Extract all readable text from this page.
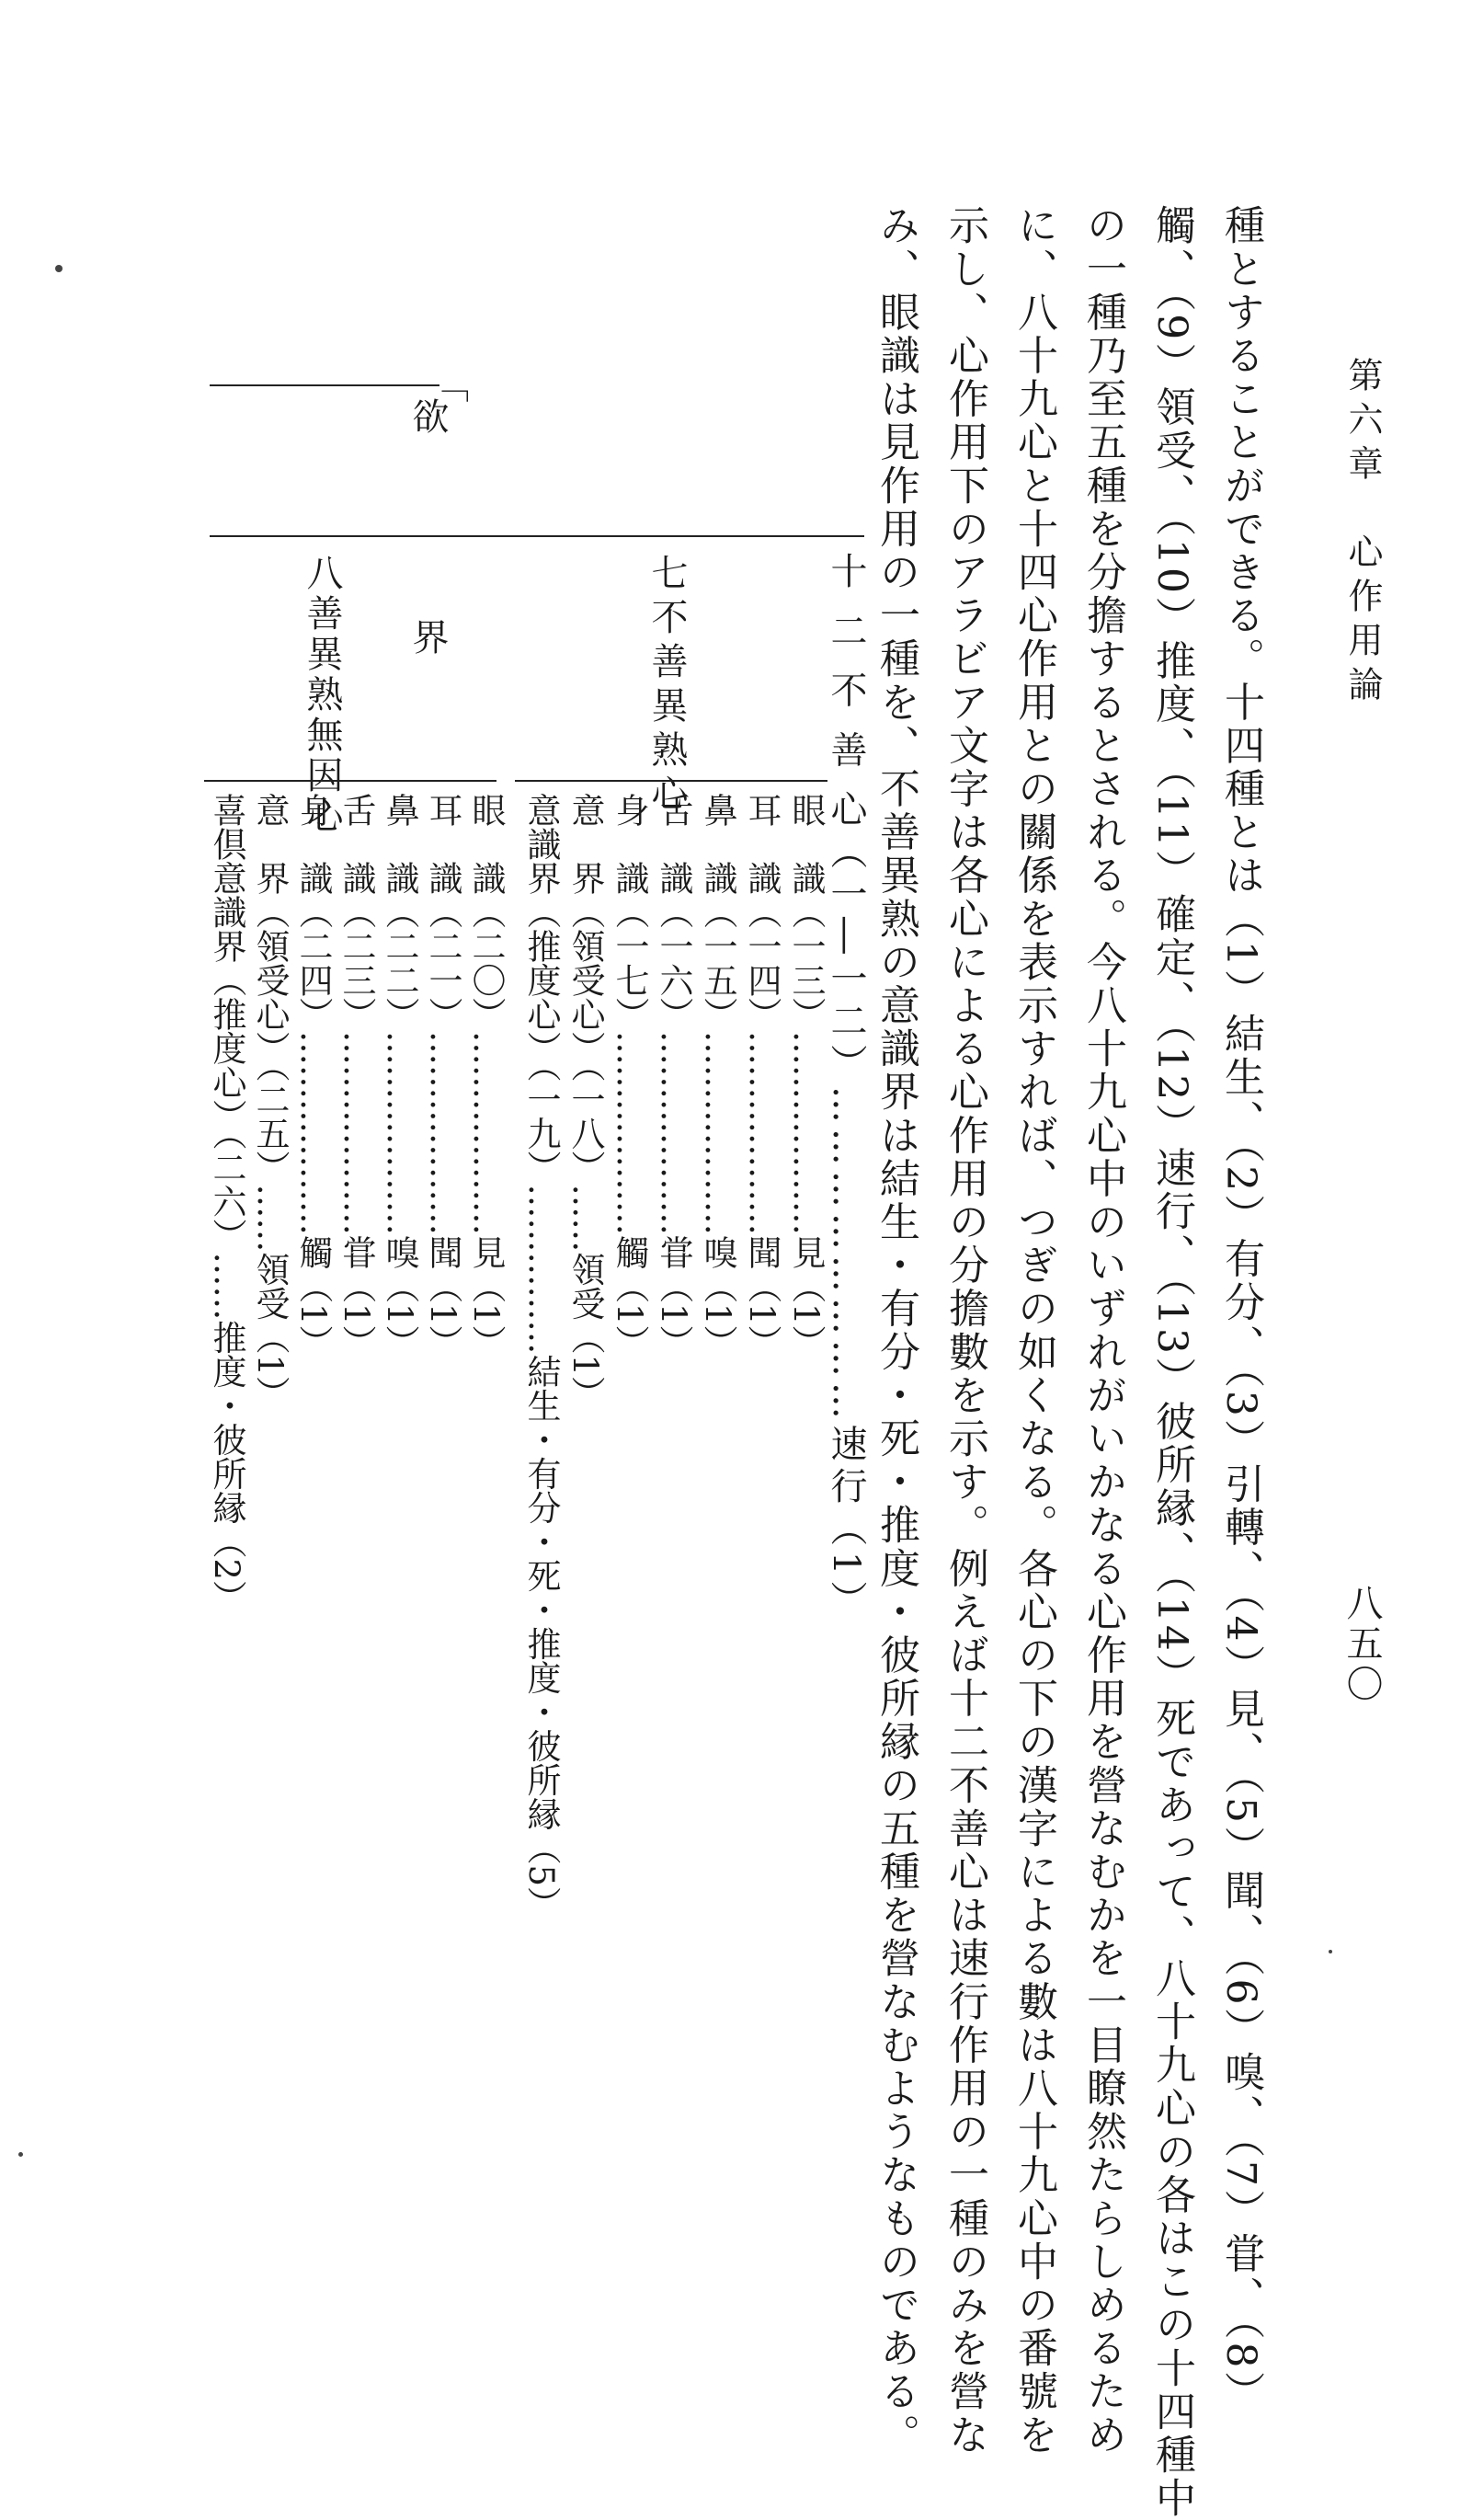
第六章　心作用論
八五〇
種とすることができる。十四種とは（1）結生、（2）有分、（3）引轉、（4）見、（5）聞、（6）嗅、（7）甞、（8）
觸、（9）領受、（10）推度、（11）確定、（12）速行、（13）彼所縁、（14）死であって、八十九心の各はこの十四種中
の一種乃至五種を分擔するとされる。今八十九心中のいずれがいかなる心作用を營なむかを一目瞭然たらしめるため
に、八十九心と十四心作用との關係を表示すれば、つぎの如くなる。各心の下の漢字による數は八十九心中の番號を
示し、心作用下のアラビア文字は各心による心作用の分擔數を示す。例えば十二不善心は速行作用の一種のみを營な
み、眼識は見作用の一種を、不善異熟の意識界は結生・有分・死・推度・彼所縁の五種を營なむようなものである。
﹁
欲　　　　界
十 二 不 善 心（一―一二）……………………速行（1）
七不善異熟心
眼　識（一三）………………見（1）
耳　識（一四）………………聞（1）
鼻　識（一五）………………嗅（1）
舌　識（一六）………………甞（1）
身　識（一七）………………觸（1）
意　界（領受心）（一八）……領受（1）
意識界（推度心）（一九）……………結生・有分・死・推度・彼所縁（5）
八善異熟無因心
眼　識（二〇）………………見（1）
耳　識（二一）………………聞（1）
鼻　識（二二）………………嗅（1）
舌　識（二三）………………甞（1）
身　識（二四）………………觸（1）
意　界（領受心）（二五）……領受（1）
喜倶意識界（推度心）（二六）……推度・彼所縁（2）
